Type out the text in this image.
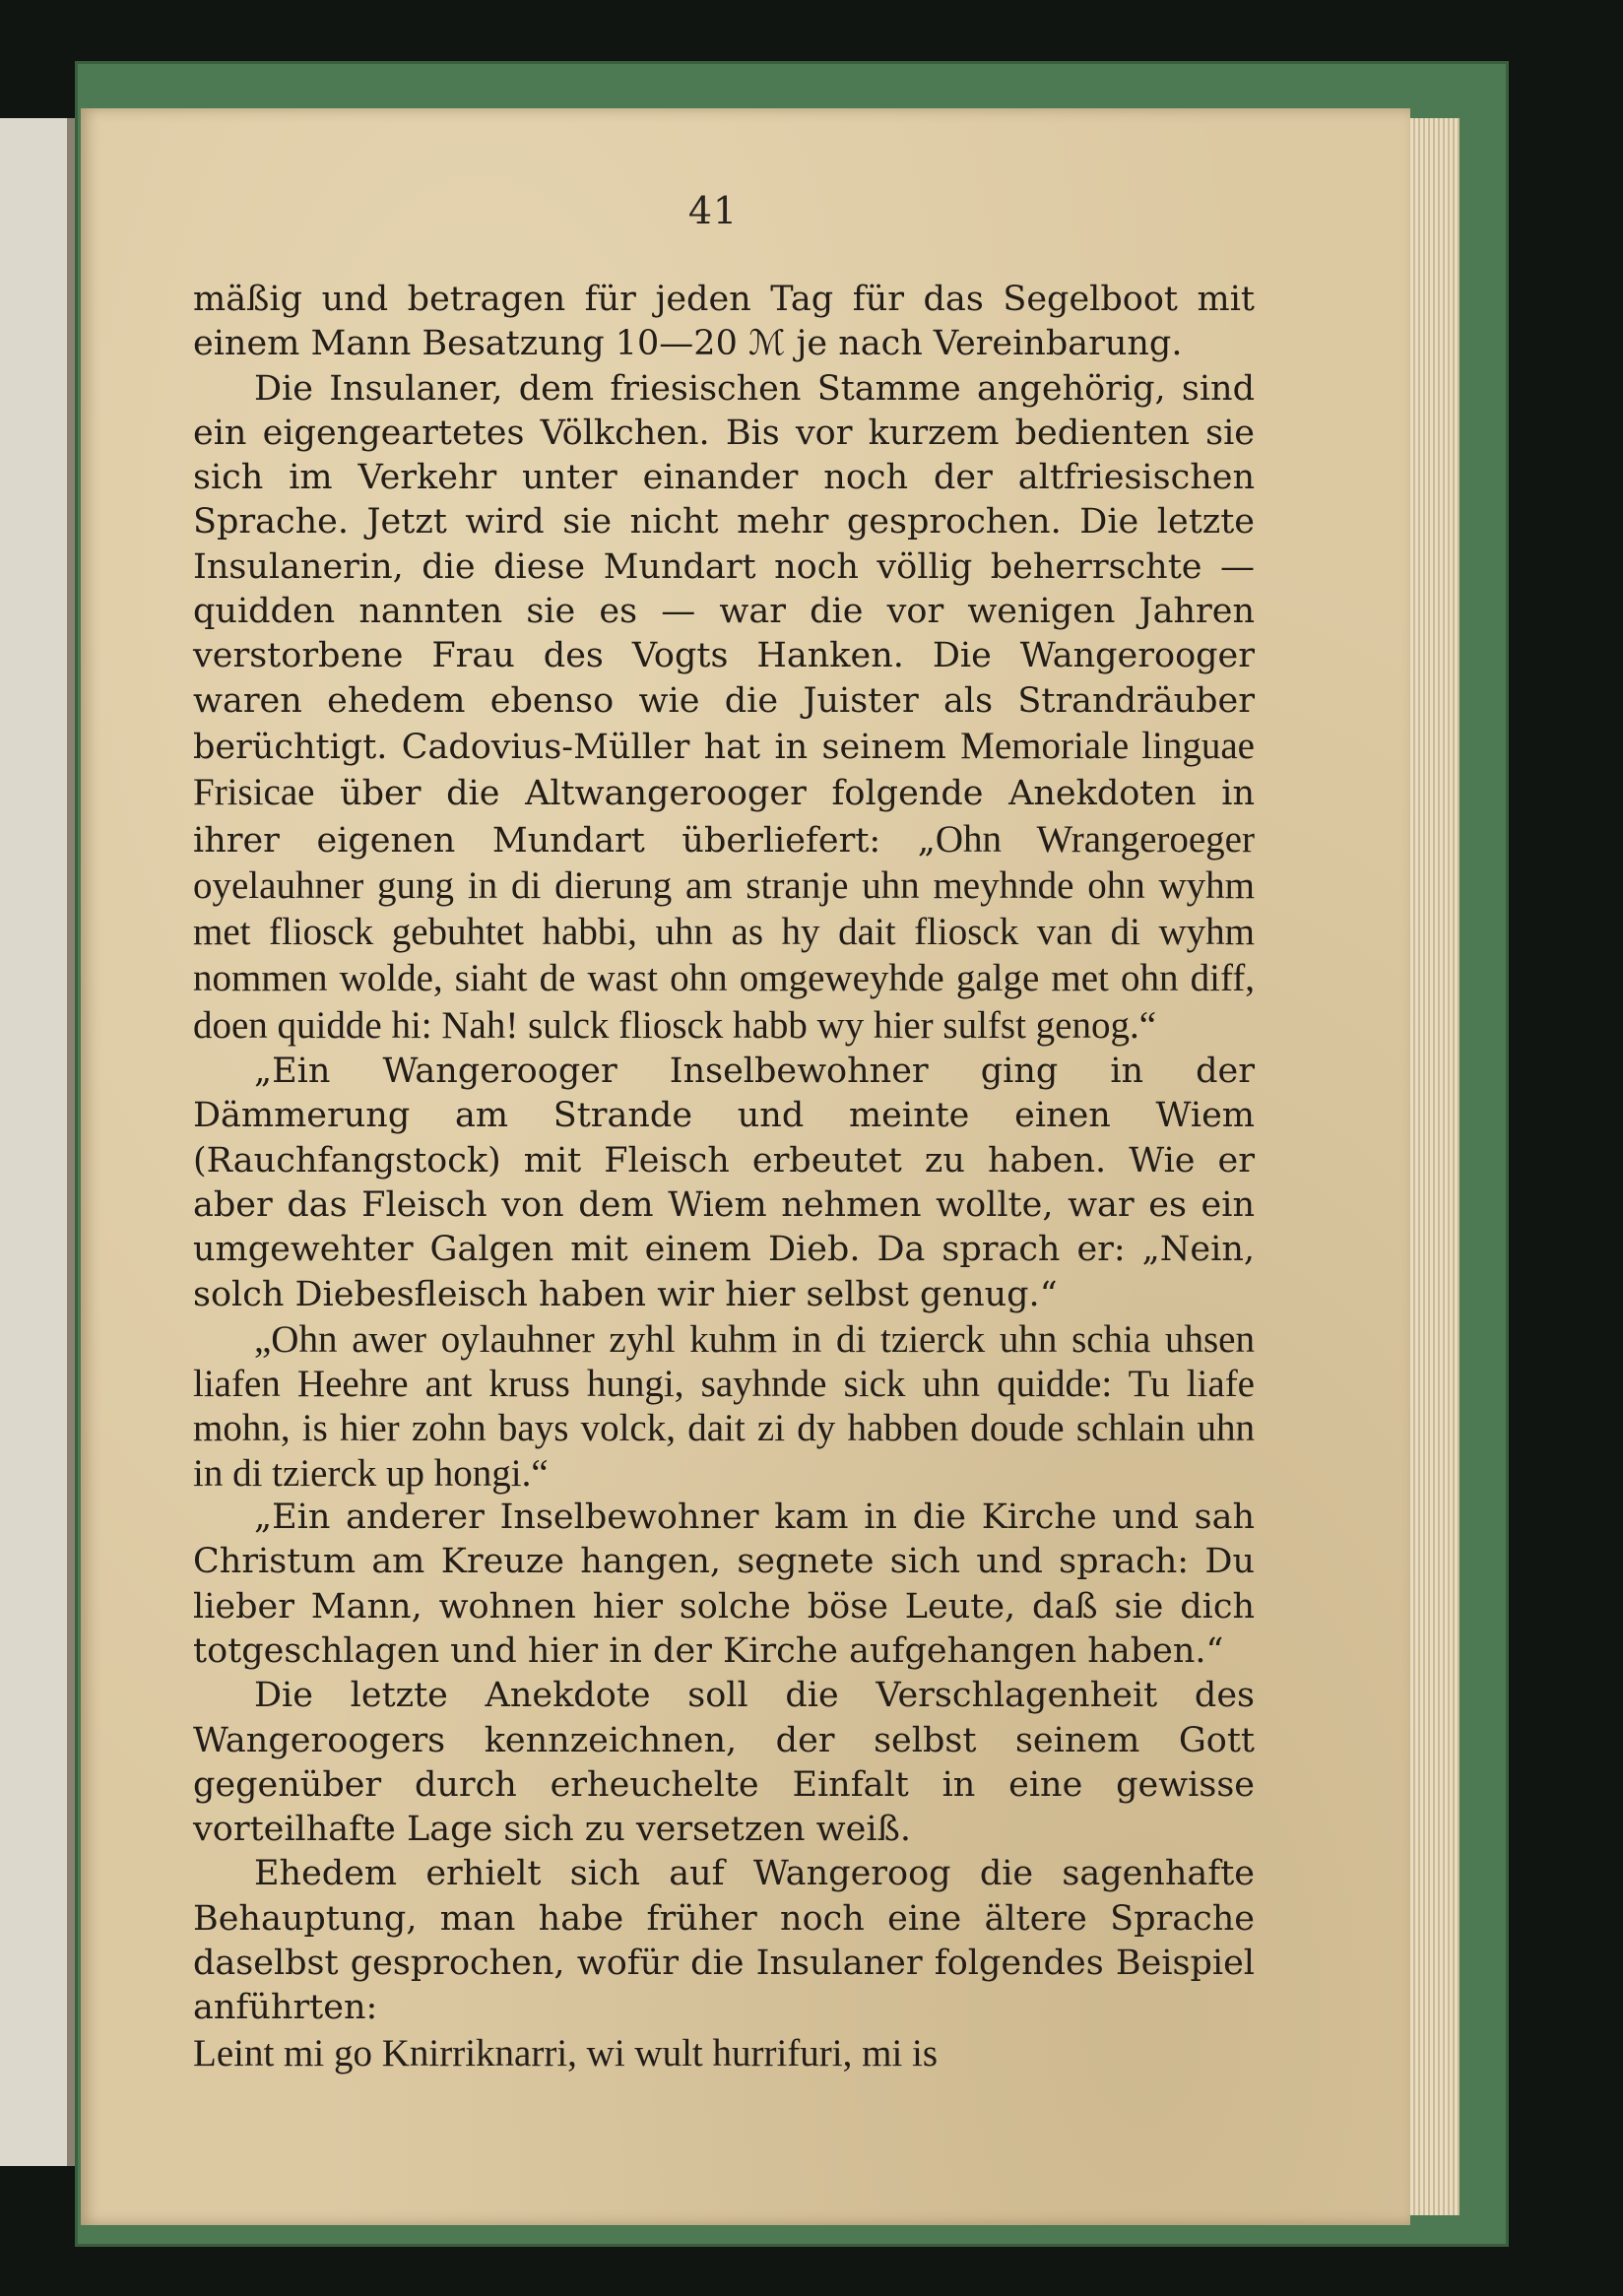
41

mäßig und betragen für jeden Tag für das Segelboot mit einem Mann Besatzung 10—20 ℳ je nach Vereinbarung.

Die Insulaner, dem friesischen Stamme angehörig, sind ein eigengeartetes Völkchen. Bis vor kurzem bedienten sie sich im Verkehr unter einander noch der altfriesischen Sprache. Jetzt wird sie nicht mehr gesprochen. Die letzte Insulanerin, die diese Mundart noch völlig beherrschte — quidden nannten sie es — war die vor wenigen Jahren verstorbene Frau des Vogts Hanken. Die Wangerooger waren ehedem ebenso wie die Juister als Strandräuber berüchtigt. Cadovius-Müller hat in seinem Memoriale linguae Frisicae über die Altwangerooger folgende Anekdoten in ihrer eigenen Mundart überliefert: „Ohn Wrangeroeger oyelauhner gung in di dierung am stranje uhn meyhnde ohn wyhm met fliosck gebuhtet habbi, uhn as hy dait fliosck van di wyhm nommen wolde, siaht de wast ohn omgeweyhde galge met ohn diff, doen quidde hi: Nah! sulck fliosck habb wy hier sulfst genog.“

„Ein Wangerooger Inselbewohner ging in der Dämmerung am Strande und meinte einen Wiem (Rauchfangstock) mit Fleisch erbeutet zu haben. Wie er aber das Fleisch von dem Wiem nehmen wollte, war es ein umgewehter Galgen mit einem Dieb. Da sprach er: „Nein, solch Diebesfleisch haben wir hier selbst genug.“

„Ohn awer oylauhner zyhl kuhm in di tzierck uhn schia uhsen liafen Heehre ant kruss hungi, sayhnde sick uhn quidde: Tu liafe mohn, is hier zohn bays volck, dait zi dy habben doude schlain uhn in di tzierck up hongi.“

„Ein anderer Inselbewohner kam in die Kirche und sah Christum am Kreuze hangen, segnete sich und sprach: Du lieber Mann, wohnen hier solche böse Leute, daß sie dich totgeschlagen und hier in der Kirche aufgehangen haben.“

Die letzte Anekdote soll die Verschlagenheit des Wangeroogers kennzeichnen, der selbst seinem Gott gegenüber durch erheuchelte Einfalt in eine gewisse vorteilhafte Lage sich zu versetzen weiß.

Ehedem erhielt sich auf Wangeroog die sagenhafte Behauptung, man habe früher noch eine ältere Sprache daselbst gesprochen, wofür die Insulaner folgendes Beispiel anführten:

Leint mi go Knirriknarri, wi wult hurrifuri, mi is
